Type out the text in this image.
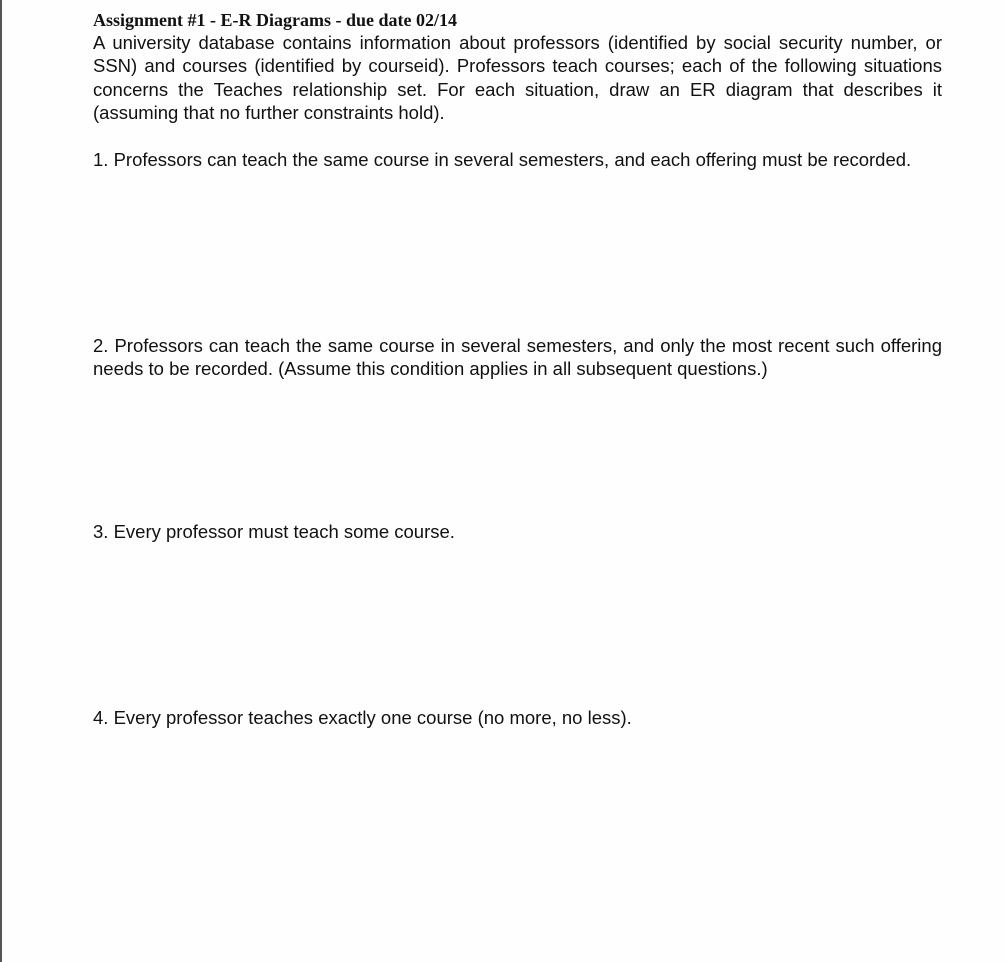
Assignment #1 - E-R Diagrams - due date 02/14

A university database contains information about professors (identified by social security number, or SSN) and courses (identified by courseid). Professors teach courses; each of the following situations concerns the Teaches relationship set. For each situation, draw an ER diagram that describes it (assuming that no further constraints hold).

1. Professors can teach the same course in several semesters, and each offering must be recorded.

2. Professors can teach the same course in several semesters, and only the most recent such offering needs to be recorded. (Assume this condition applies in all subsequent questions.)

3. Every professor must teach some course.

4. Every professor teaches exactly one course (no more, no less).
